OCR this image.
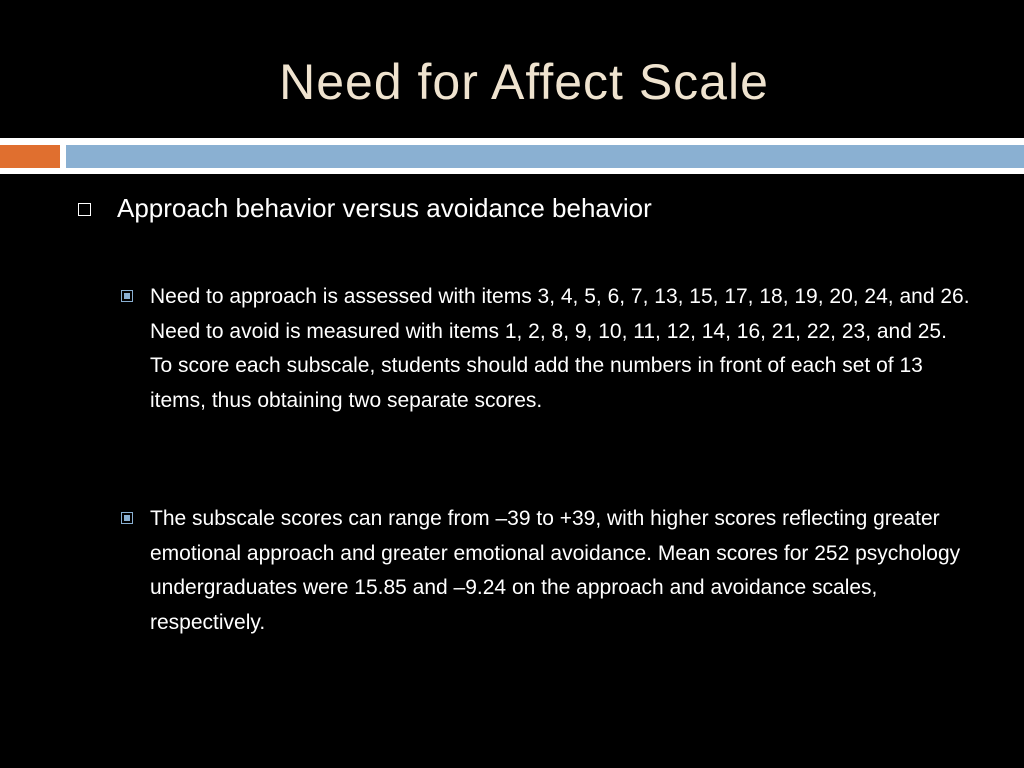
Need for Affect Scale
Approach behavior versus avoidance behavior
Need to approach is assessed with items 3, 4, 5, 6, 7, 13, 15, 17, 18, 19, 20, 24, and 26. Need to avoid is measured with items 1, 2, 8, 9, 10, 11, 12, 14, 16, 21, 22, 23, and 25. To score each subscale, students should add the numbers in front of each set of 13 items, thus obtaining two separate scores.
The subscale scores can range from –39 to +39, with higher scores reflecting greater emotional approach and greater emotional avoidance. Mean scores for 252 psychology undergraduates were 15.85 and –9.24 on the approach and avoidance scales, respectively.
